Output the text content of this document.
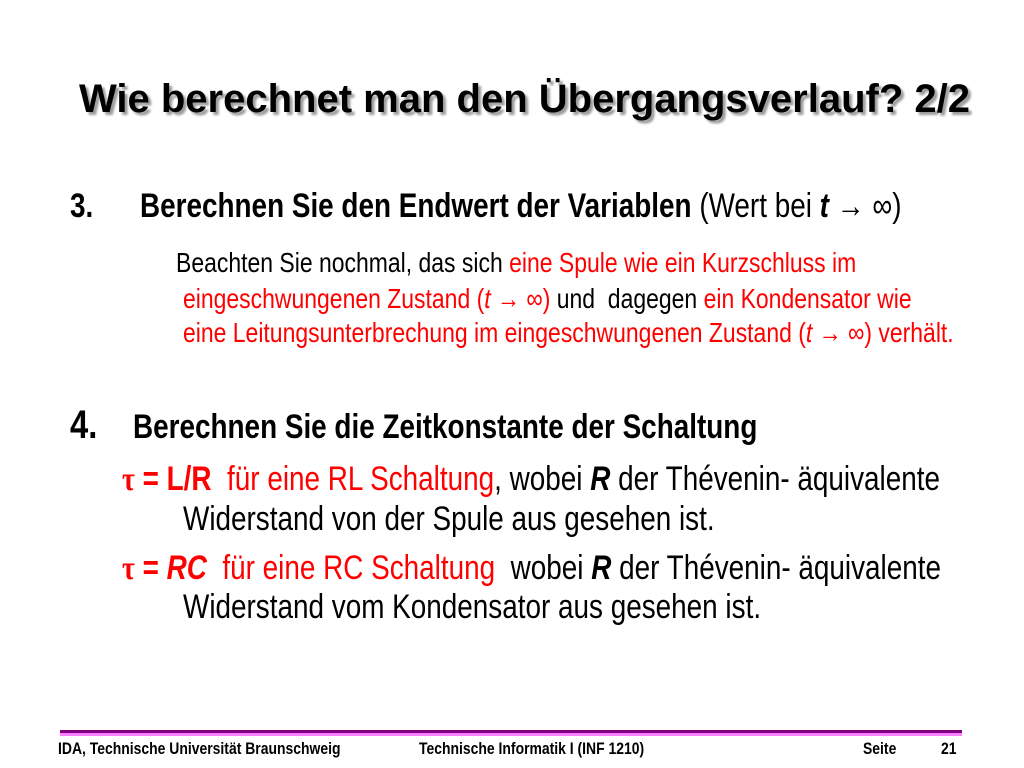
Wie berechnet man den Übergangsverlauf? 2/2
3. Berechnen Sie den Endwert der Variablen (Wert bei t → ∞)
Beachten Sie nochmal, das sich eine Spule wie ein Kurzschluss im
eingeschwungenen Zustand (t → ∞) und  dagegen ein Kondensator wie
eine Leitungsunterbrechung im eingeschwungenen Zustand (t → ∞) verhält.
4. Berechnen Sie die Zeitkonstante der Schaltung
τ = L/R  für eine RL Schaltung, wobei R der Thévenin- äquivalente
Widerstand von der Spule aus gesehen ist.
τ = RC  für eine RC Schaltung  wobei R der Thévenin- äquivalente
Widerstand vom Kondensator aus gesehen ist.
IDA, Technische Universität Braunschweig	Technische Informatik I (INF 1210)	Seite	21
